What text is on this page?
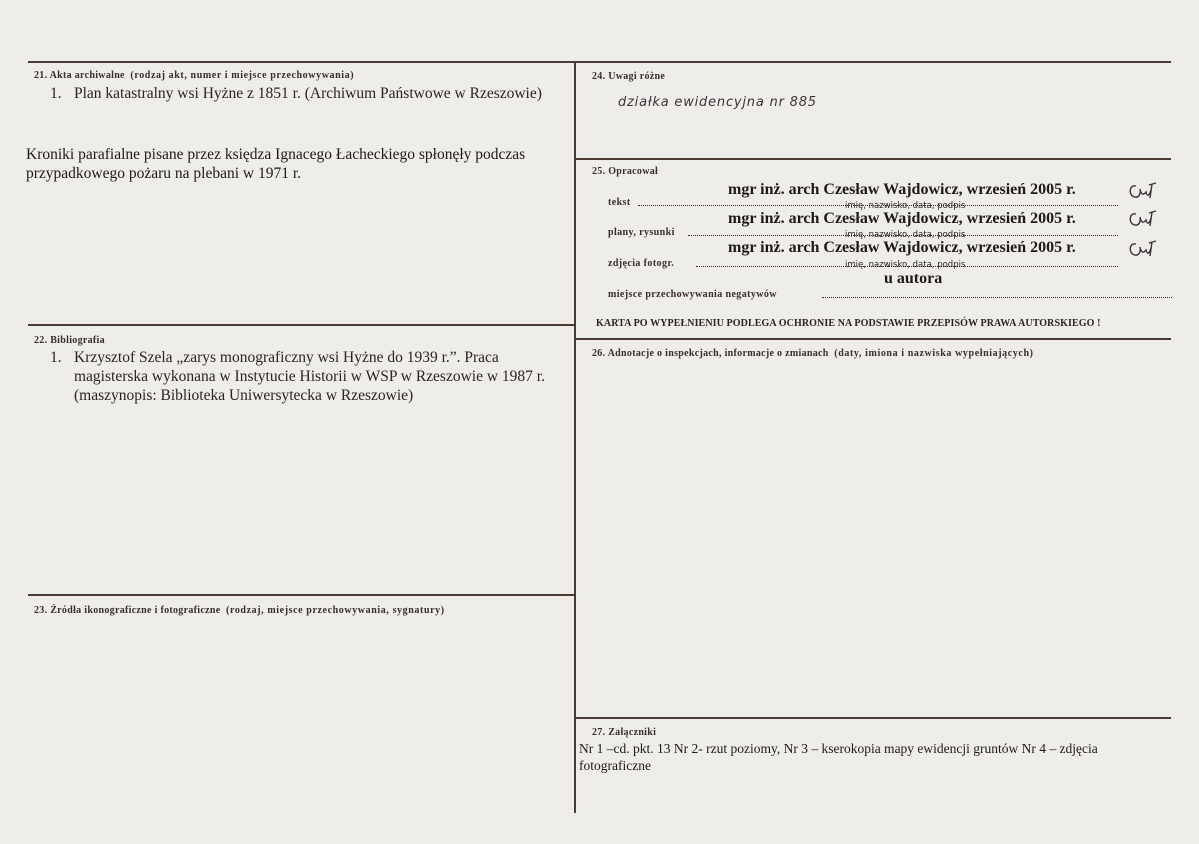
21. Akta archiwalne (rodzaj akt, numer i miejsce przechowywania)
1. Plan katastralny wsi Hyżne z 1851 r. (Archiwum Państwowe w Rzeszowie)
Kroniki parafialne pisane przez księdza Ignacego Łacheckiego spłonęły podczas przypadkowego pożaru na plebani w 1971 r.
22. Bibliografia
1. Krzysztof Szela „zarys monograficzny wsi Hyżne do 1939 r.”. Praca magisterska wykonana w Instytucie Historii w WSP w Rzeszowie w 1987 r. (maszynopis: Biblioteka Uniwersytecka w Rzeszowie)
23. Źródła ikonograficzne i fotograficzne (rodzaj, miejsce przechowywania, sygnatury)
24. Uwagi różne
działka ewidencyjna nr 885
25. Opracował
tekst
mgr inż. arch Czesław Wajdowicz, wrzesień 2005 r.
imię, nazwisko, data, podpis
plany, rysunki
mgr inż. arch Czesław Wajdowicz, wrzesień 2005 r.
imię, nazwisko, data, podpis
zdjęcia fotogr.
mgr inż. arch Czesław Wajdowicz, wrzesień 2005 r.
imię, nazwisko, data, podpis
u autora
miejsce przechowywania negatywów
KARTA PO WYPEŁNIENIU PODLEGA OCHRONIE NA PODSTAWIE PRZEPISÓW PRAWA AUTORSKIEGO !
26. Adnotacje o inspekcjach, informacje o zmianach (daty, imiona i nazwiska wypełniających)
27. Załączniki
Nr 1 –cd. pkt. 13 Nr 2- rzut poziomy, Nr 3 – kserokopia mapy ewidencji gruntów Nr 4 – zdjęcia fotograficzne
